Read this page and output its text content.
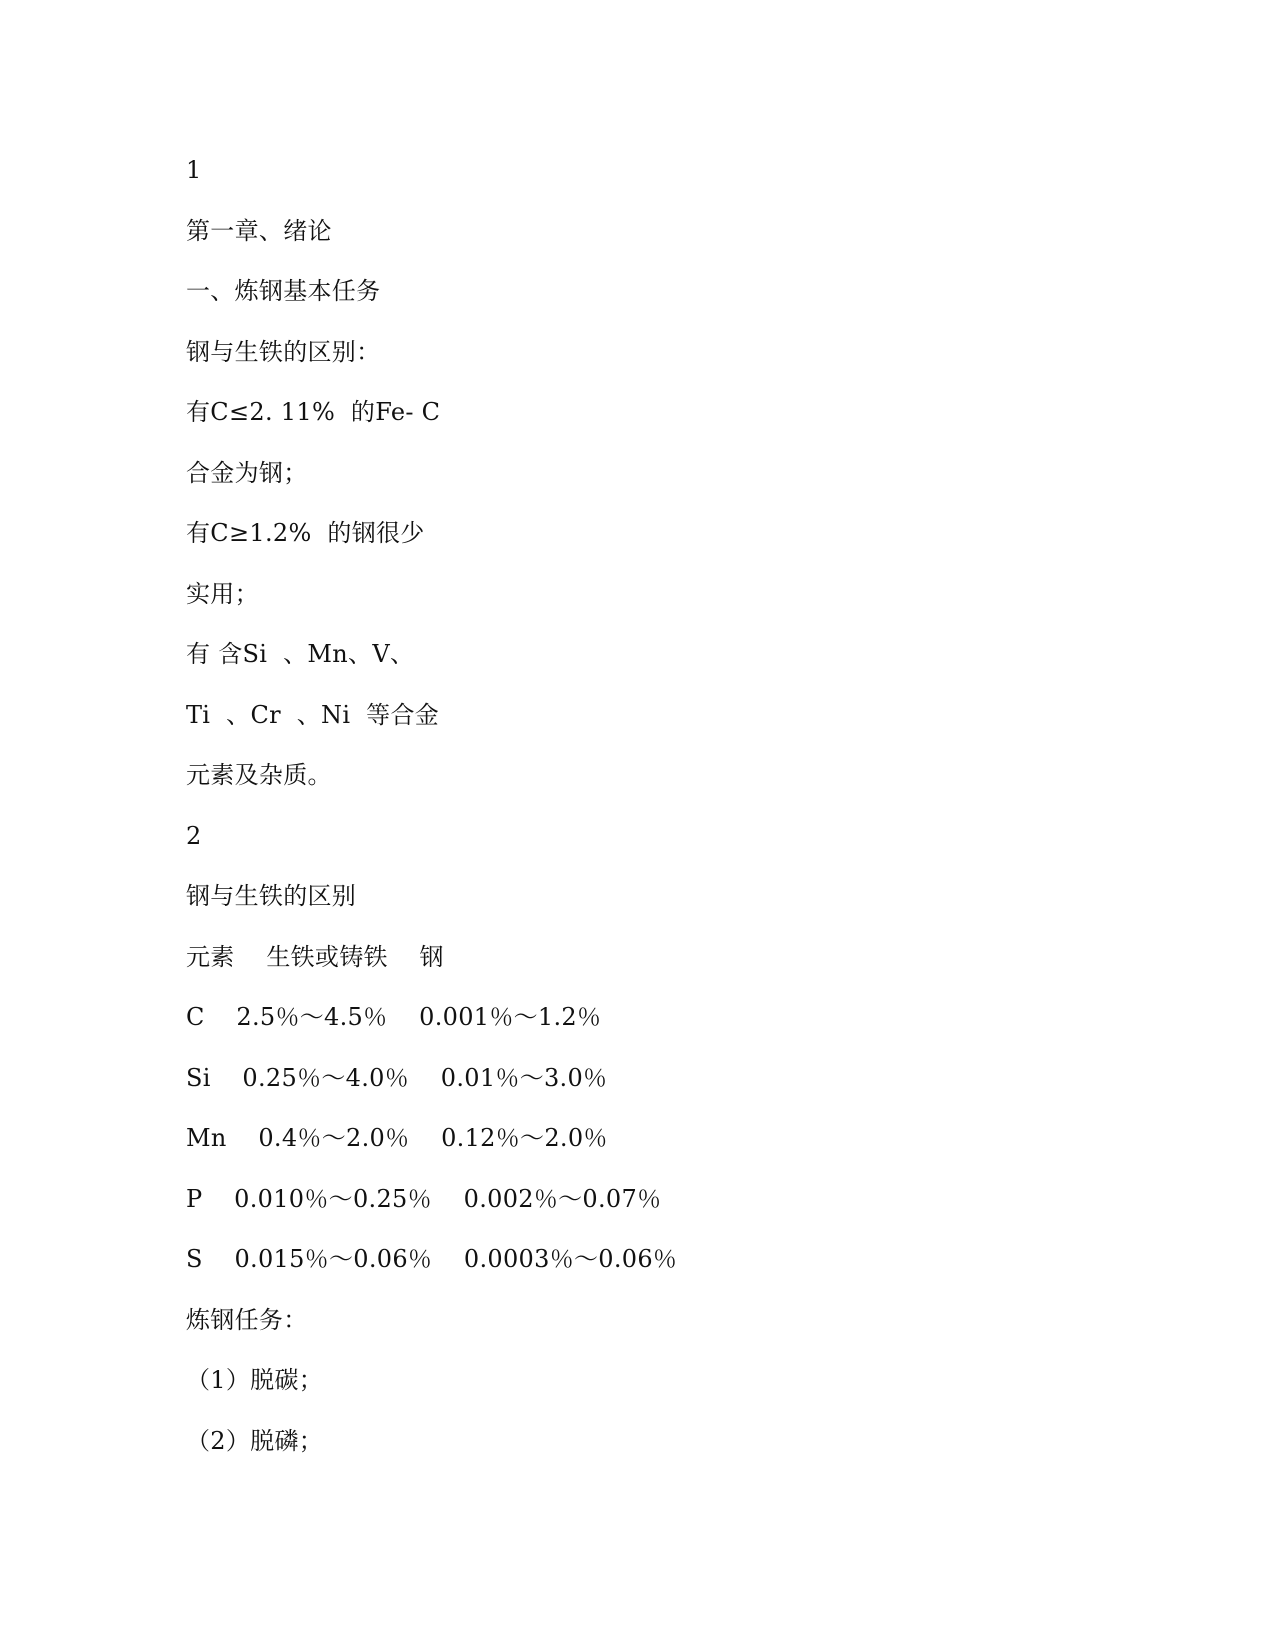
1
第一章、绪论
一、炼钢基本任务
钢与生铁的区别：
有C≤2. 11%  的Fe- C
合金为钢；
有C≥1.2%  的钢很少
实用；
有 含Si  、Mn、V、
Ti  、Cr  、Ni  等合金
元素及杂质。
2
钢与生铁的区别
元素    生铁或铸铁    钢
C    2.5％～4.5％    0.001％～1.2％
Si    0.25％～4.0％    0.01％～3.0％
Mn    0.4％～2.0％    0.12％～2.0％
P    0.010％～0.25％    0.002％～0.07％
S    0.015％～0.06％    0.0003％～0.06％
炼钢任务：
（1）脱碳；
（2）脱磷；
